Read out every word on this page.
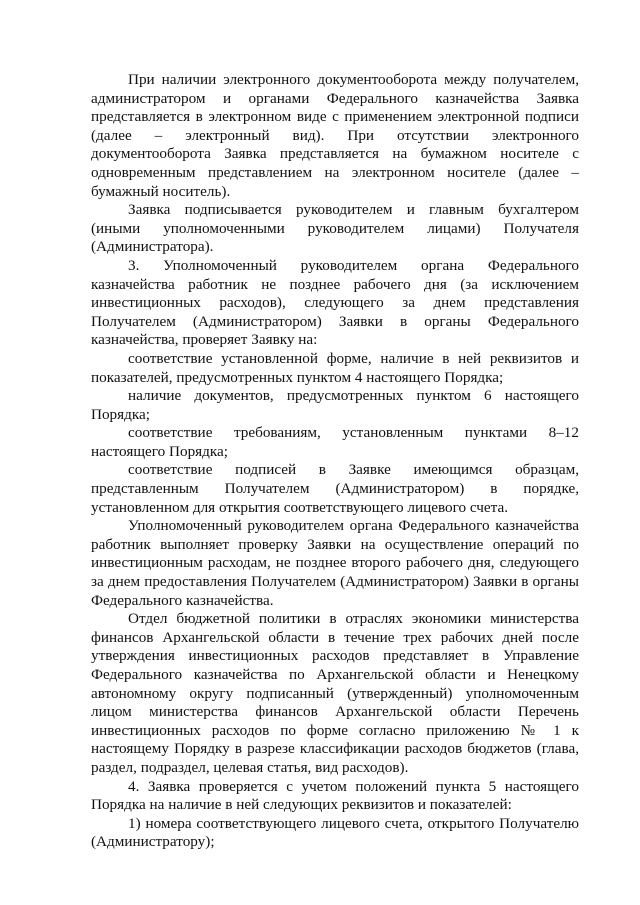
При наличии электронного документооборота между получателем, администратором и органами Федерального казначейства Заявка представляется в электронном виде с применением электронной подписи (далее – электронный вид). При отсутствии электронного документооборота Заявка представляется на бумажном носителе с одновременным представлением на электронном носителе (далее – бумажный носитель).

Заявка подписывается руководителем и главным бухгалтером (иными уполномоченными руководителем лицами) Получателя (Администратора).

3. Уполномоченный руководителем органа Федерального казначейства работник не позднее рабочего дня (за исключением инвестиционных расходов), следующего за днем представления Получателем (Администратором) Заявки в органы Федерального казначейства, проверяет Заявку на:

соответствие установленной форме, наличие в ней реквизитов и показателей, предусмотренных пунктом 4 настоящего Порядка;

наличие документов, предусмотренных пунктом 6 настоящего Порядка;

соответствие требованиям, установленным пунктами 8–12 настоящего Порядка;

соответствие подписей в Заявке имеющимся образцам, представленным Получателем (Администратором) в порядке, установленном для открытия соответствующего лицевого счета.

Уполномоченный руководителем органа Федерального казначейства работник выполняет проверку Заявки на осуществление операций по инвестиционным расходам, не позднее второго рабочего дня, следующего за днем предоставления Получателем (Администратором) Заявки в органы Федерального казначейства.

Отдел бюджетной политики в отраслях экономики министерства финансов Архангельской области в течение трех рабочих дней после утверждения инвестиционных расходов представляет в Управление Федерального казначейства по Архангельской области и Ненецкому автономному округу подписанный (утвержденный) уполномоченным лицом министерства финансов Архангельской области Перечень инвестиционных расходов по форме согласно приложению № 1 к настоящему Порядку в разрезе классификации расходов бюджетов (глава, раздел, подраздел, целевая статья, вид расходов).

4. Заявка проверяется с учетом положений пункта 5 настоящего Порядка на наличие в ней следующих реквизитов и показателей:

1) номера соответствующего лицевого счета, открытого Получателю (Администратору);
